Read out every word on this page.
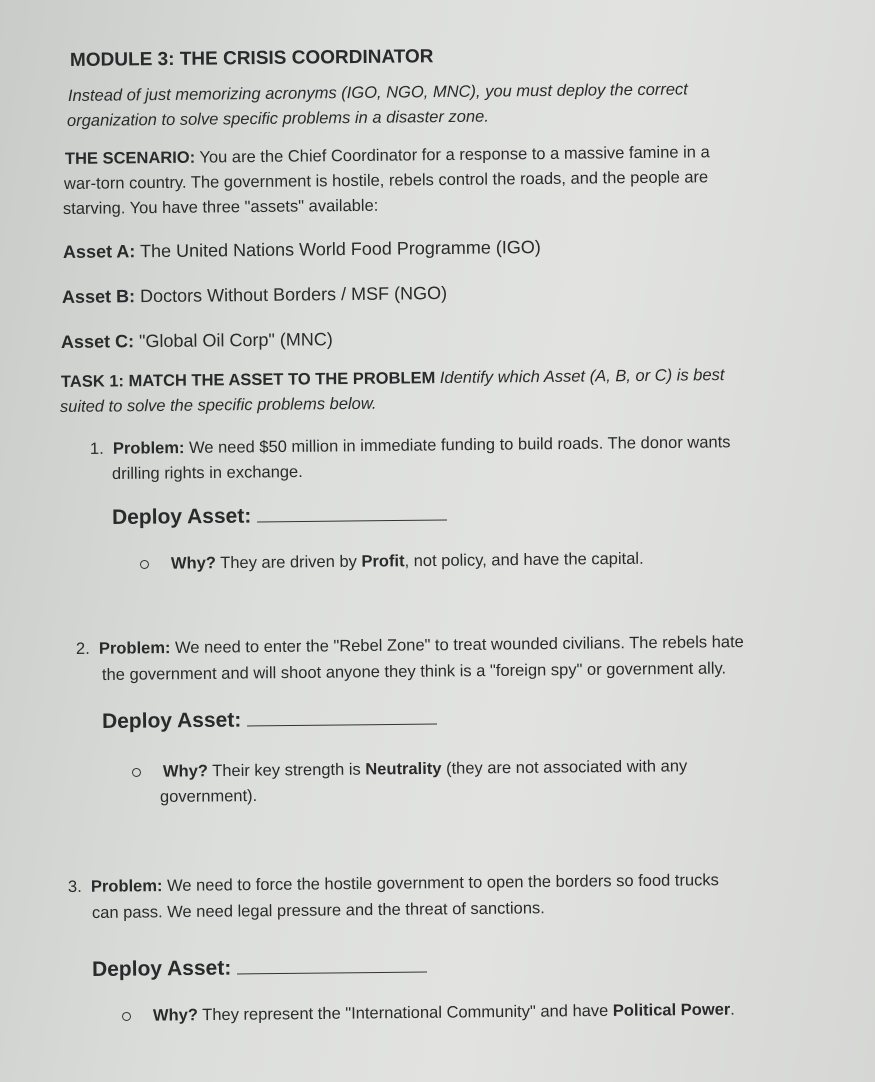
MODULE 3: THE CRISIS COORDINATOR
Instead of just memorizing acronyms (IGO, NGO, MNC), you must deploy the correct
organization to solve specific problems in a disaster zone.
THE SCENARIO: You are the Chief Coordinator for a response to a massive famine in a
war-torn country. The government is hostile, rebels control the roads, and the people are
starving. You have three "assets" available:
Asset A: The United Nations World Food Programme (IGO)
Asset B: Doctors Without Borders / MSF (NGO)
Asset C: "Global Oil Corp" (MNC)
TASK 1: MATCH THE ASSET TO THE PROBLEM Identify which Asset (A, B, or C) is best
suited to solve the specific problems below.
1. Problem: We need $50 million in immediate funding to build roads. The donor wants
drilling rights in exchange.
Deploy Asset:
Why? They are driven by Profit, not policy, and have the capital.
2. Problem: We need to enter the "Rebel Zone" to treat wounded civilians. The rebels hate
the government and will shoot anyone they think is a "foreign spy" or government ally.
Deploy Asset:
Why? Their key strength is Neutrality (they are not associated with any
government).
3. Problem: We need to force the hostile government to open the borders so food trucks
can pass. We need legal pressure and the threat of sanctions.
Deploy Asset:
Why? They represent the "International Community" and have Political Power.
